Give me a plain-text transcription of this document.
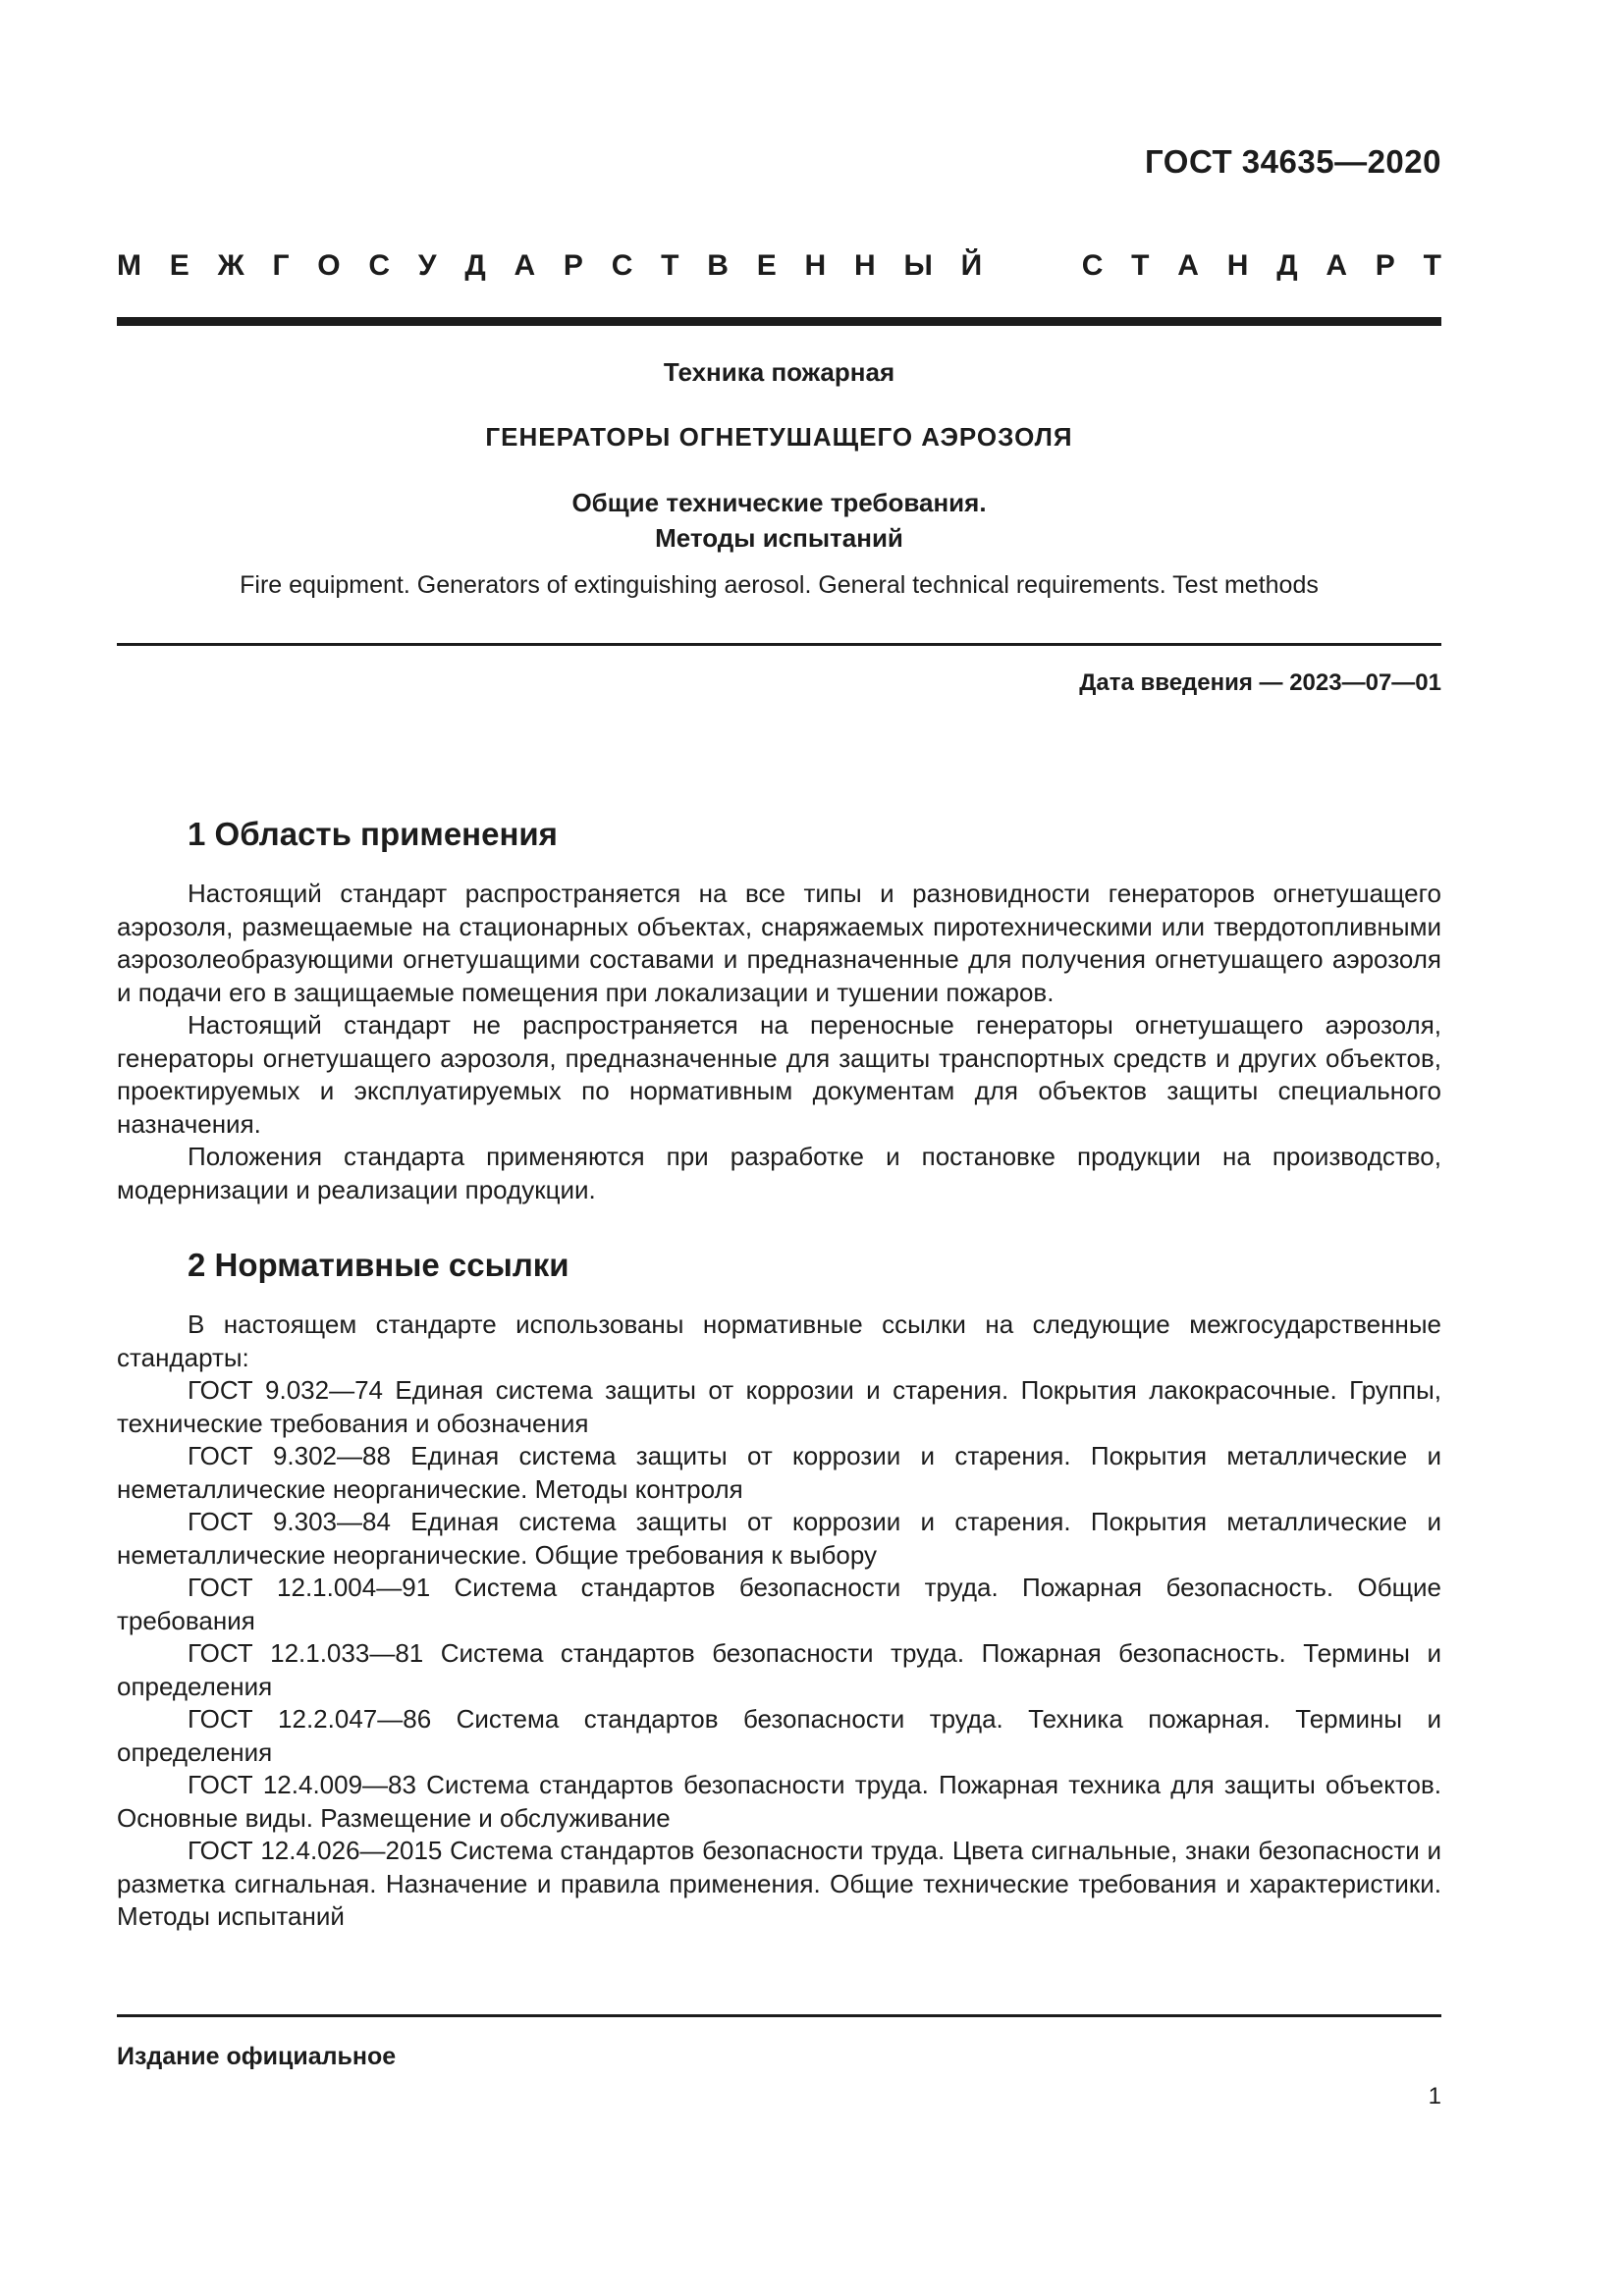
ГОСТ 34635—2020
М Е Ж Г О С У Д А Р С Т В Е Н Н Ы Й	С Т А Н Д А Р Т
Техника пожарная
ГЕНЕРАТОРЫ ОГНЕТУШАЩЕГО АЭРОЗОЛЯ
Общие технические требования.
Методы испытаний
Fire equipment. Generators of extinguishing aerosol. General technical requirements. Test methods
Дата введения — 2023—07—01
1 Область применения

Настоящий стандарт распространяется на все типы и разновидности генераторов огнетушащего аэрозоля, размещаемые на стационарных объектах, снаряжаемых пиротехническими или твердотопливными аэрозолеобразующими огнетушащими составами и предназначенные для получения огнетушащего аэрозоля и подачи его в защищаемые помещения при локализации и тушении пожаров.

Настоящий стандарт не распространяется на переносные генераторы огнетушащего аэрозоля, генераторы огнетушащего аэрозоля, предназначенные для защиты транспортных средств и других объектов, проектируемых и эксплуатируемых по нормативным документам для объектов защиты специального назначения.

Положения стандарта применяются при разработке и постановке продукции на производство, модернизации и реализации продукции.

2 Нормативные ссылки

В настоящем стандарте использованы нормативные ссылки на следующие межгосударственные стандарты:

ГОСТ 9.032—74 Единая система защиты от коррозии и старения. Покрытия лакокрасочные. Группы, технические требования и обозначения

ГОСТ 9.302—88 Единая система защиты от коррозии и старения. Покрытия металлические и неметаллические неорганические. Методы контроля

ГОСТ 9.303—84 Единая система защиты от коррозии и старения. Покрытия металлические и неметаллические неорганические. Общие требования к выбору

ГОСТ 12.1.004—91 Система стандартов безопасности труда. Пожарная безопасность. Общие требования

ГОСТ 12.1.033—81 Система стандартов безопасности труда. Пожарная безопасность. Термины и определения

ГОСТ 12.2.047—86 Система стандартов безопасности труда. Техника пожарная. Термины и определения

ГОСТ 12.4.009—83 Система стандартов безопасности труда. Пожарная техника для защиты объектов. Основные виды. Размещение и обслуживание

ГОСТ 12.4.026—2015 Система стандартов безопасности труда. Цвета сигнальные, знаки безопасности и разметка сигнальная. Назначение и правила применения. Общие технические требования и характеристики. Методы испытаний

Издание официальное
1
